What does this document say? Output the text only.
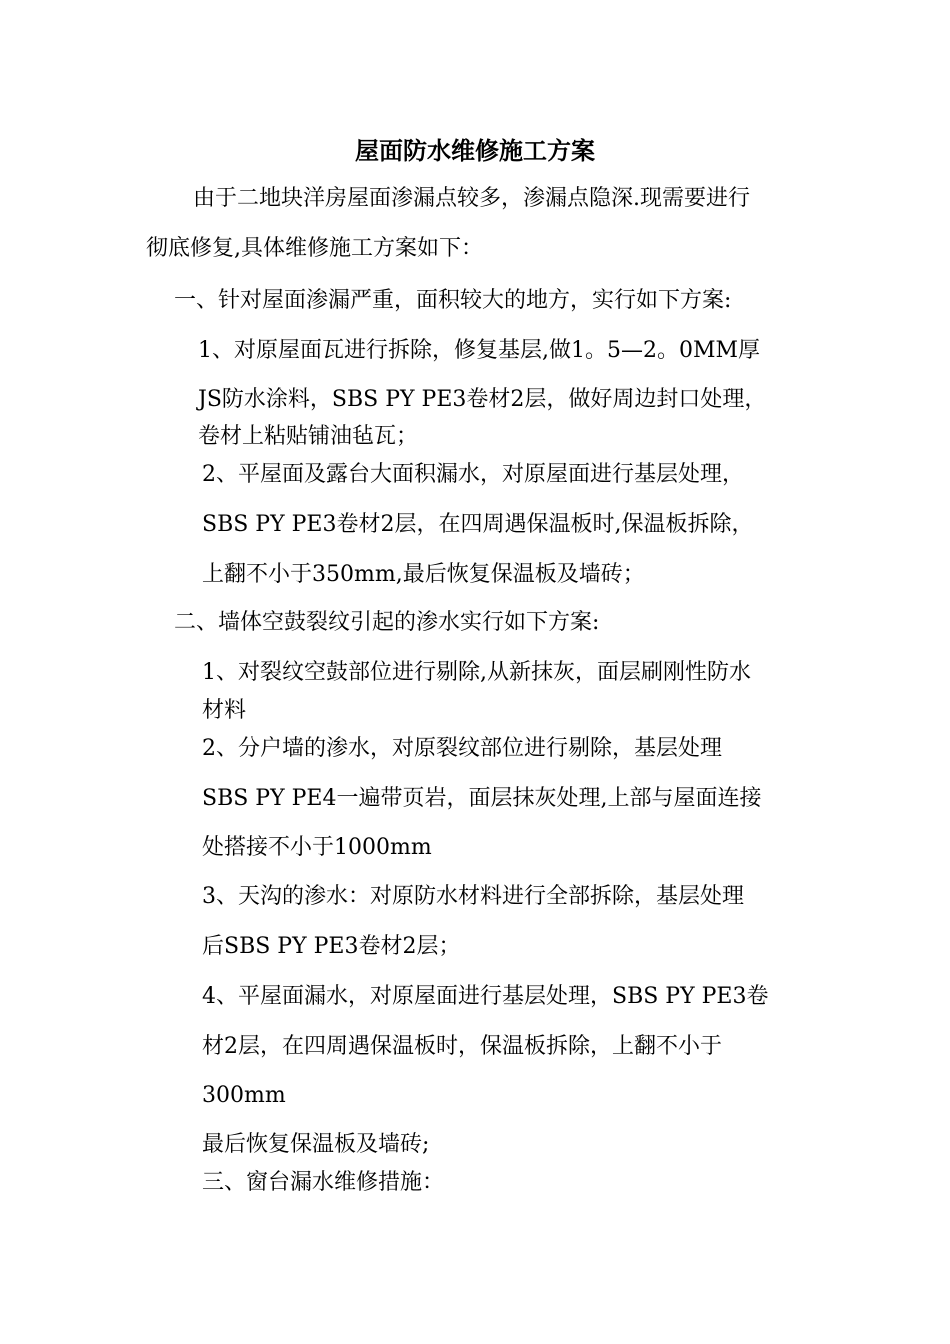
屋面防水维修施工方案
由于二地块洋房屋面渗漏点较多，渗漏点隐深.现需要进行
彻底修复,具体维修施工方案如下：
一、针对屋面渗漏严重，面积较大的地方，实行如下方案:
1、对原屋面瓦进行拆除，修复基层,做1。5—2。0MM厚
JS防水涂料，SBS PY PE3卷材2层，做好周边封口处理，
卷材上粘贴铺油毡瓦；
2、平屋面及露台大面积漏水，对原屋面进行基层处理，
SBS PY PE3卷材2层，在四周遇保温板时,保温板拆除，
上翻不小于350mm,最后恢复保温板及墙砖；
二、墙体空鼓裂纹引起的渗水实行如下方案:
1、对裂纹空鼓部位进行剔除,从新抹灰，面层刷刚性防水
材料
2、分户墙的渗水，对原裂纹部位进行剔除，基层处理
SBS PY PE4一遍带页岩，面层抹灰处理,上部与屋面连接
处搭接不小于1000mm
3、天沟的渗水：对原防水材料进行全部拆除，基层处理
后SBS PY PE3卷材2层；
4、平屋面漏水，对原屋面进行基层处理，SBS PY PE3卷
材2层，在四周遇保温板时，保温板拆除，上翻不小于
300mm
最后恢复保温板及墙砖;
三、窗台漏水维修措施：
